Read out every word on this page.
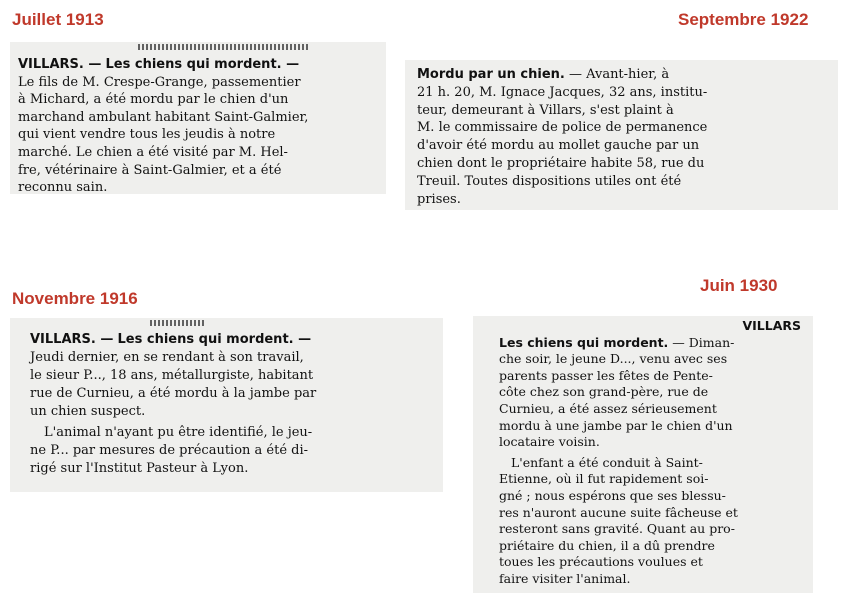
Juillet 1913	Septembre 1922
Novembre 1916
Juin 1930
VILLARS. — Les chiens qui mordent. —
Le fils de M. Crespe-Grange, passementier
à Michard, a été mordu par le chien d'un
marchand ambulant habitant Saint-Galmier,
qui vient vendre tous les jeudis à notre
marché. Le chien a été visité par M. Hel-
fre, vétérinaire à Saint-Galmier, et a été
reconnu sain.
Mordu par un chien. — Avant-hier, à
21 h. 20, M. Ignace Jacques, 32 ans, institu-
teur, demeurant à Villars, s'est plaint à
M. le commissaire de police de permanence
d'avoir été mordu au mollet gauche par un
chien dont le propriétaire habite 58, rue du
Treuil. Toutes dispositions utiles ont été
prises.
VILLARS. — Les chiens qui mordent. —
Jeudi dernier, en se rendant à son travail,
le sieur P..., 18 ans, métallurgiste, habitant
rue de Curnieu, a été mordu à la jambe par
un chien suspect.
L'animal n'ayant pu être identifié, le jeu-
ne P... par mesures de précaution a été di-
rigé sur l'Institut Pasteur à Lyon.
VILLARS
Les chiens qui mordent. — Diman-
che soir, le jeune D..., venu avec ses
parents passer les fêtes de Pente-
côte chez son grand-père, rue de
Curnieu, a été assez sérieusement
mordu à une jambe par le chien d'un
locataire voisin.
L'enfant a été conduit à Saint-
Etienne, où il fut rapidement soi-
gné ; nous espérons que ses blessu-
res n'auront aucune suite fâcheuse et
resteront sans gravité. Quant au pro-
priétaire du chien, il a dû prendre
toues les précautions voulues et
faire visiter l'animal.
